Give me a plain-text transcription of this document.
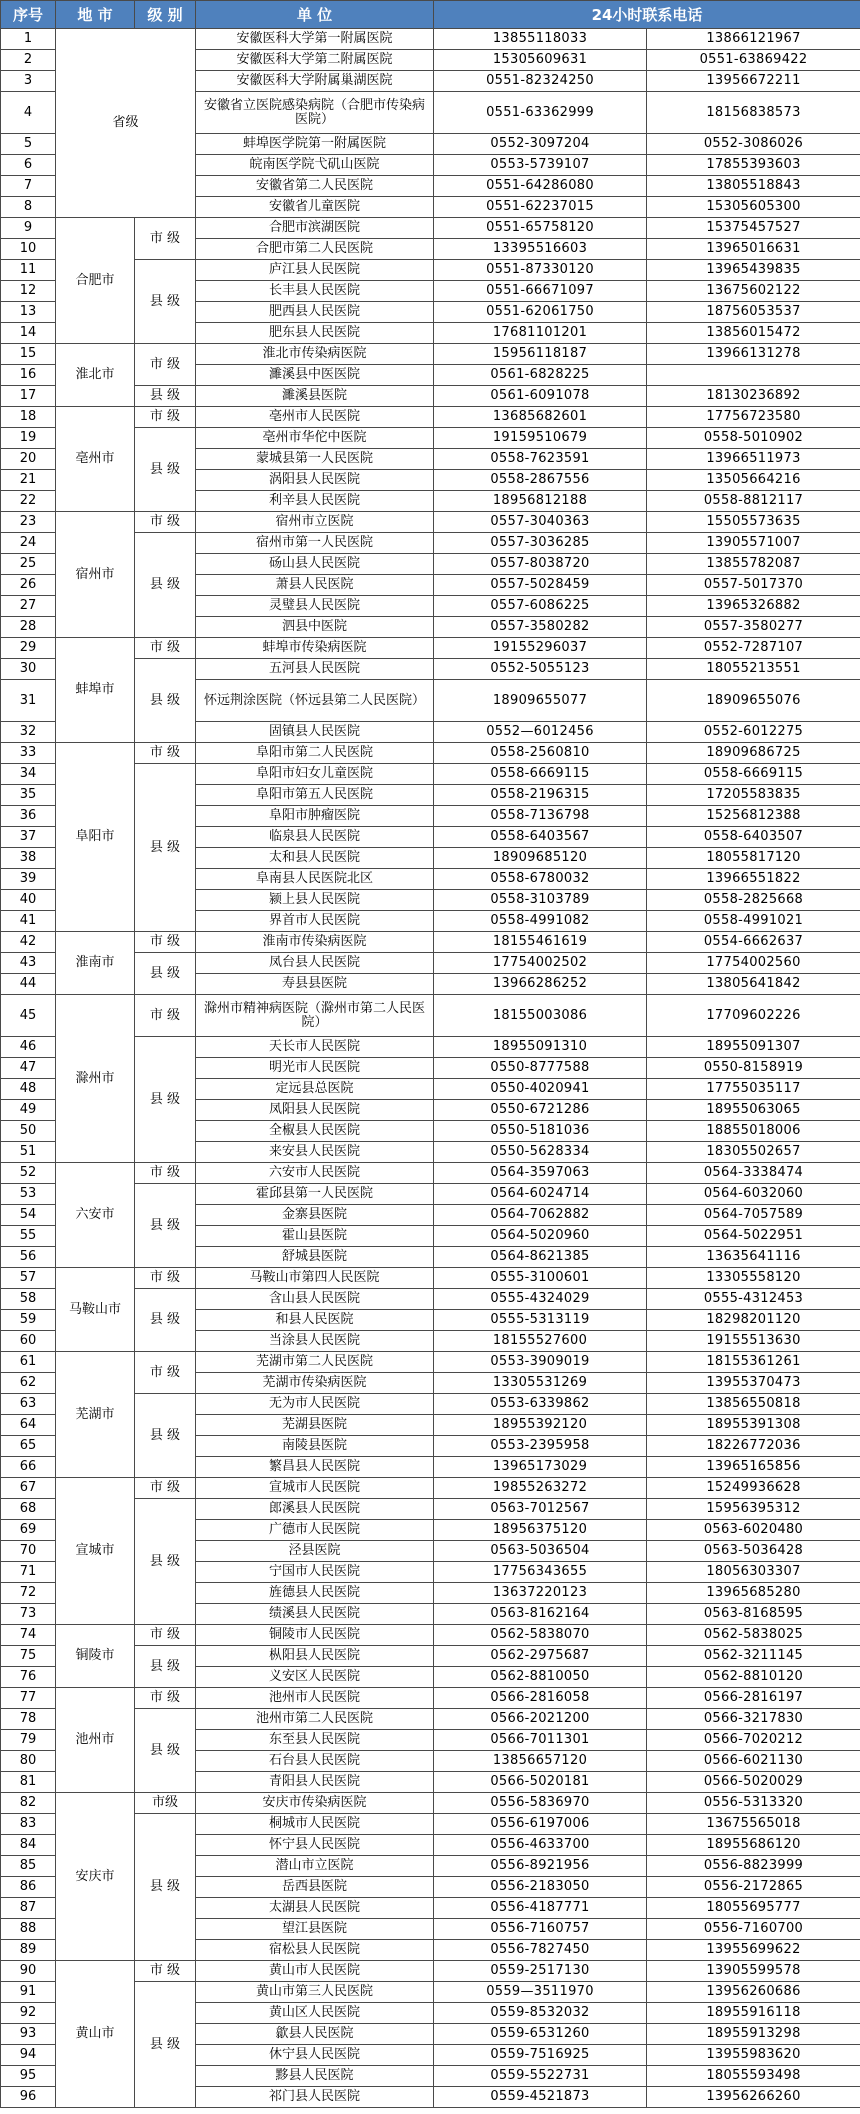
序号	地 市	级 别	单 位	24小时联系电话	
1	省级		安徽医科大学第一附属医院	13855118033	13866121967
2			安徽医科大学第二附属医院	15305609631	0551-63869422
3			安徽医科大学附属巢湖医院	0551-82324250	13956672211
4			安徽省立医院感染病院（合肥市传染病医院）	0551-63362999	18156838573
5			蚌埠医学院第一附属医院	0552-3097204	0552-3086026
6			皖南医学院弋矶山医院	0553-5739107	17855393603
7			安徽省第二人民医院	0551-64286080	13805518843
8			安徽省儿童医院	0551-62237015	15305605300
9	合肥市	市 级	合肥市滨湖医院	0551-65758120	15375457527
10			合肥市第二人民医院	13395516603	13965016631
11		县 级	庐江县人民医院	0551-87330120	13965439835
12			长丰县人民医院	0551-66671097	13675602122
13			肥西县人民医院	0551-62061750	18756053537
14			肥东县人民医院	17681101201	13856015472
15	淮北市	市 级	淮北市传染病医院	15956118187	13966131278
16			濉溪县中医医院	0561-6828225	
17		县 级	濉溪县医院	0561-6091078	18130236892
18	亳州市	市 级	亳州市人民医院	13685682601	17756723580
19		县 级	亳州市华佗中医院	19159510679	0558-5010902
20			蒙城县第一人民医院	0558-7623591	13966511973
21			涡阳县人民医院	0558-2867556	13505664216
22			利辛县人民医院	18956812188	0558-8812117
23	宿州市	市 级	宿州市立医院	0557-3040363	15505573635
24		县 级	宿州市第一人民医院	0557-3036285	13905571007
25			砀山县人民医院	0557-8038720	13855782087
26			萧县人民医院	0557-5028459	0557-5017370
27			灵璧县人民医院	0557-6086225	13965326882
28			泗县中医院	0557-3580282	0557-3580277
29	蚌埠市	市 级	蚌埠市传染病医院	19155296037	0552-7287107
30		县 级	五河县人民医院	0552-5055123	18055213551
31			怀远荆涂医院（怀远县第二人民医院）	18909655077	18909655076
32			固镇县人民医院	0552—6012456	0552-6012275
33	阜阳市	市 级	阜阳市第二人民医院	0558-2560810	18909686725
34		县 级	阜阳市妇女儿童医院	0558-6669115	0558-6669115
35			阜阳市第五人民医院	0558-2196315	17205583835
36			阜阳市肿瘤医院	0558-7136798	15256812388
37			临泉县人民医院	0558-6403567	0558-6403507
38			太和县人民医院	18909685120	18055817120
39			阜南县人民医院北区	0558-6780032	13966551822
40			颍上县人民医院	0558-3103789	0558-2825668
41			界首市人民医院	0558-4991082	0558-4991021
42	淮南市	市 级	淮南市传染病医院	18155461619	0554-6662637
43		县 级	凤台县人民医院	17754002502	17754002560
44			寿县县医院	13966286252	13805641842
45	滁州市	市 级	滁州市精神病医院（滁州市第二人民医院）	18155003086	17709602226
46		县 级	天长市人民医院	18955091310	18955091307
47			明光市人民医院	0550-8777588	0550-8158919
48			定远县总医院	0550-4020941	17755035117
49			凤阳县人民医院	0550-6721286	18955063065
50			全椒县人民医院	0550-5181036	18855018006
51			来安县人民医院	0550-5628334	18305502657
52	六安市	市 级	六安市人民医院	0564-3597063	0564-3338474
53		县 级	霍邱县第一人民医院	0564-6024714	0564-6032060
54			金寨县医院	0564-7062882	0564-7057589
55			霍山县医院	0564-5020960	0564-5022951
56			舒城县医院	0564-8621385	13635641116
57	马鞍山市	市 级	马鞍山市第四人民医院	0555-3100601	13305558120
58		县 级	含山县人民医院	0555-4324029	0555-4312453
59			和县人民医院	0555-5313119	18298201120
60			当涂县人民医院	18155527600	19155513630
61	芜湖市	市 级	芜湖市第二人民医院	0553-3909019	18155361261
62			芜湖市传染病医院	13305531269	13955370473
63		县 级	无为市人民医院	0553-6339862	13856550818
64			芜湖县医院	18955392120	18955391308
65			南陵县医院	0553-2395958	18226772036
66			繁昌县人民医院	13965173029	13965165856
67	宣城市	市 级	宣城市人民医院	19855263272	15249936628
68		县 级	郎溪县人民医院	0563-7012567	15956395312
69			广德市人民医院	18956375120	0563-6020480
70			泾县医院	0563-5036504	0563-5036428
71			宁国市人民医院	17756343655	18056303307
72			旌德县人民医院	13637220123	13965685280
73			绩溪县人民医院	0563-8162164	0563-8168595
74	铜陵市	市 级	铜陵市人民医院	0562-5838070	0562-5838025
75		县 级	枞阳县人民医院	0562-2975687	0562-3211145
76			义安区人民医院	0562-8810050	0562-8810120
77	池州市	市 级	池州市人民医院	0566-2816058	0566-2816197
78		县 级	池州市第二人民医院	0566-2021200	0566-3217830
79			东至县人民医院	0566-7011301	0566-7020212
80			石台县人民医院	13856657120	0566-6021130
81			青阳县人民医院	0566-5020181	0566-5020029
82	安庆市	市级	安庆市传染病医院	0556-5836970	0556-5313320
83		县 级	桐城市人民医院	0556-6197006	13675565018
84			怀宁县人民医院	0556-4633700	18955686120
85			潜山市立医院	0556-8921956	0556-8823999
86			岳西县医院	0556-2183050	0556-2172865
87			太湖县人民医院	0556-4187771	18055695777
88			望江县医院	0556-7160757	0556-7160700
89			宿松县人民医院	0556-7827450	13955699622
90	黄山市	市 级	黄山市人民医院	0559-2517130	13905599578
91		县 级	黄山市第三人民医院	0559—3511970	13956260686
92			黄山区人民医院	0559-8532032	18955916118
93			歙县人民医院	0559-6531260	18955913298
94			休宁县人民医院	0559-7516925	13955983620
95			黟县人民医院	0559-5522731	18055593498
96			祁门县人民医院	0559-4521873	13956266260
